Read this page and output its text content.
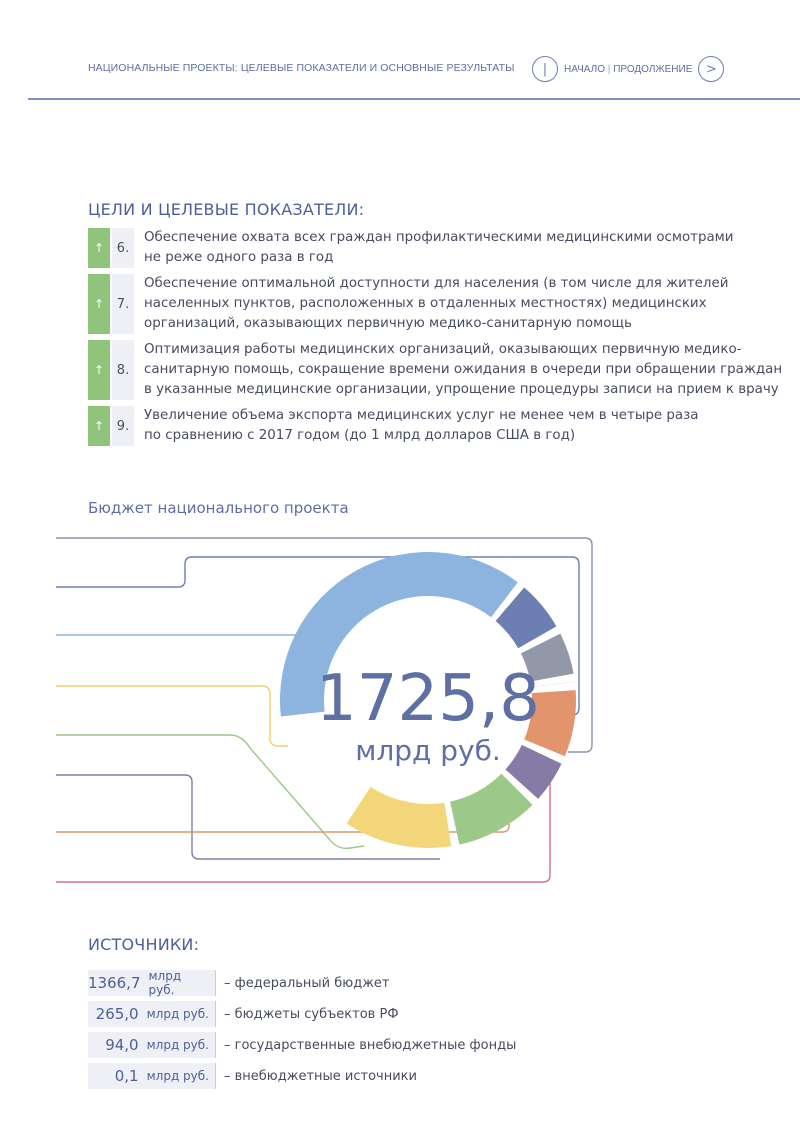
НАЦИОНАЛЬНЫЕ ПРОЕКТЫ: ЦЕЛЕВЫЕ ПОКАЗАТЕЛИ И ОСНОВНЫЕ РЕЗУЛЬТАТЫ | НАЧАЛО | ПРОДОЛЖЕНИЕ >
ЦЕЛИ И ЦЕЛЕВЫЕ ПОКАЗАТЕЛИ:
↑ 6.
Обеспечение охвата всех граждан профилактическими медицинскими осмотрами
не реже одного раза в год
↑ 7.
Обеспечение оптимальной доступности для населения (в том числе для жителей
населенных пунктов, расположенных в отдаленных местностях) медицинских
организаций, оказывающих первичную медико-санитарную помощь
↑ 8.
Оптимизация работы медицинских организаций, оказывающих первичную медико-
санитарную помощь, сокращение времени ожидания в очереди при обращении граждан
в указанные медицинские организации, упрощение процедуры записи на прием к врачу
↑ 9.
Увеличение объема экспорта медицинских услуг не менее чем в четыре раза
по сравнению с 2017 годом (до 1 млрд долларов США в год)
Бюджет национального проекта
1725,8
млрд руб.
ИСТОЧНИКИ:
1366,7 млрд руб.	– федеральный бюджет
265,0 млрд руб. – бюджеты субъектов РФ
94,0 млрд руб. – государственные внебюджетные фонды
0,1 млрд руб. – внебюджетные источники
